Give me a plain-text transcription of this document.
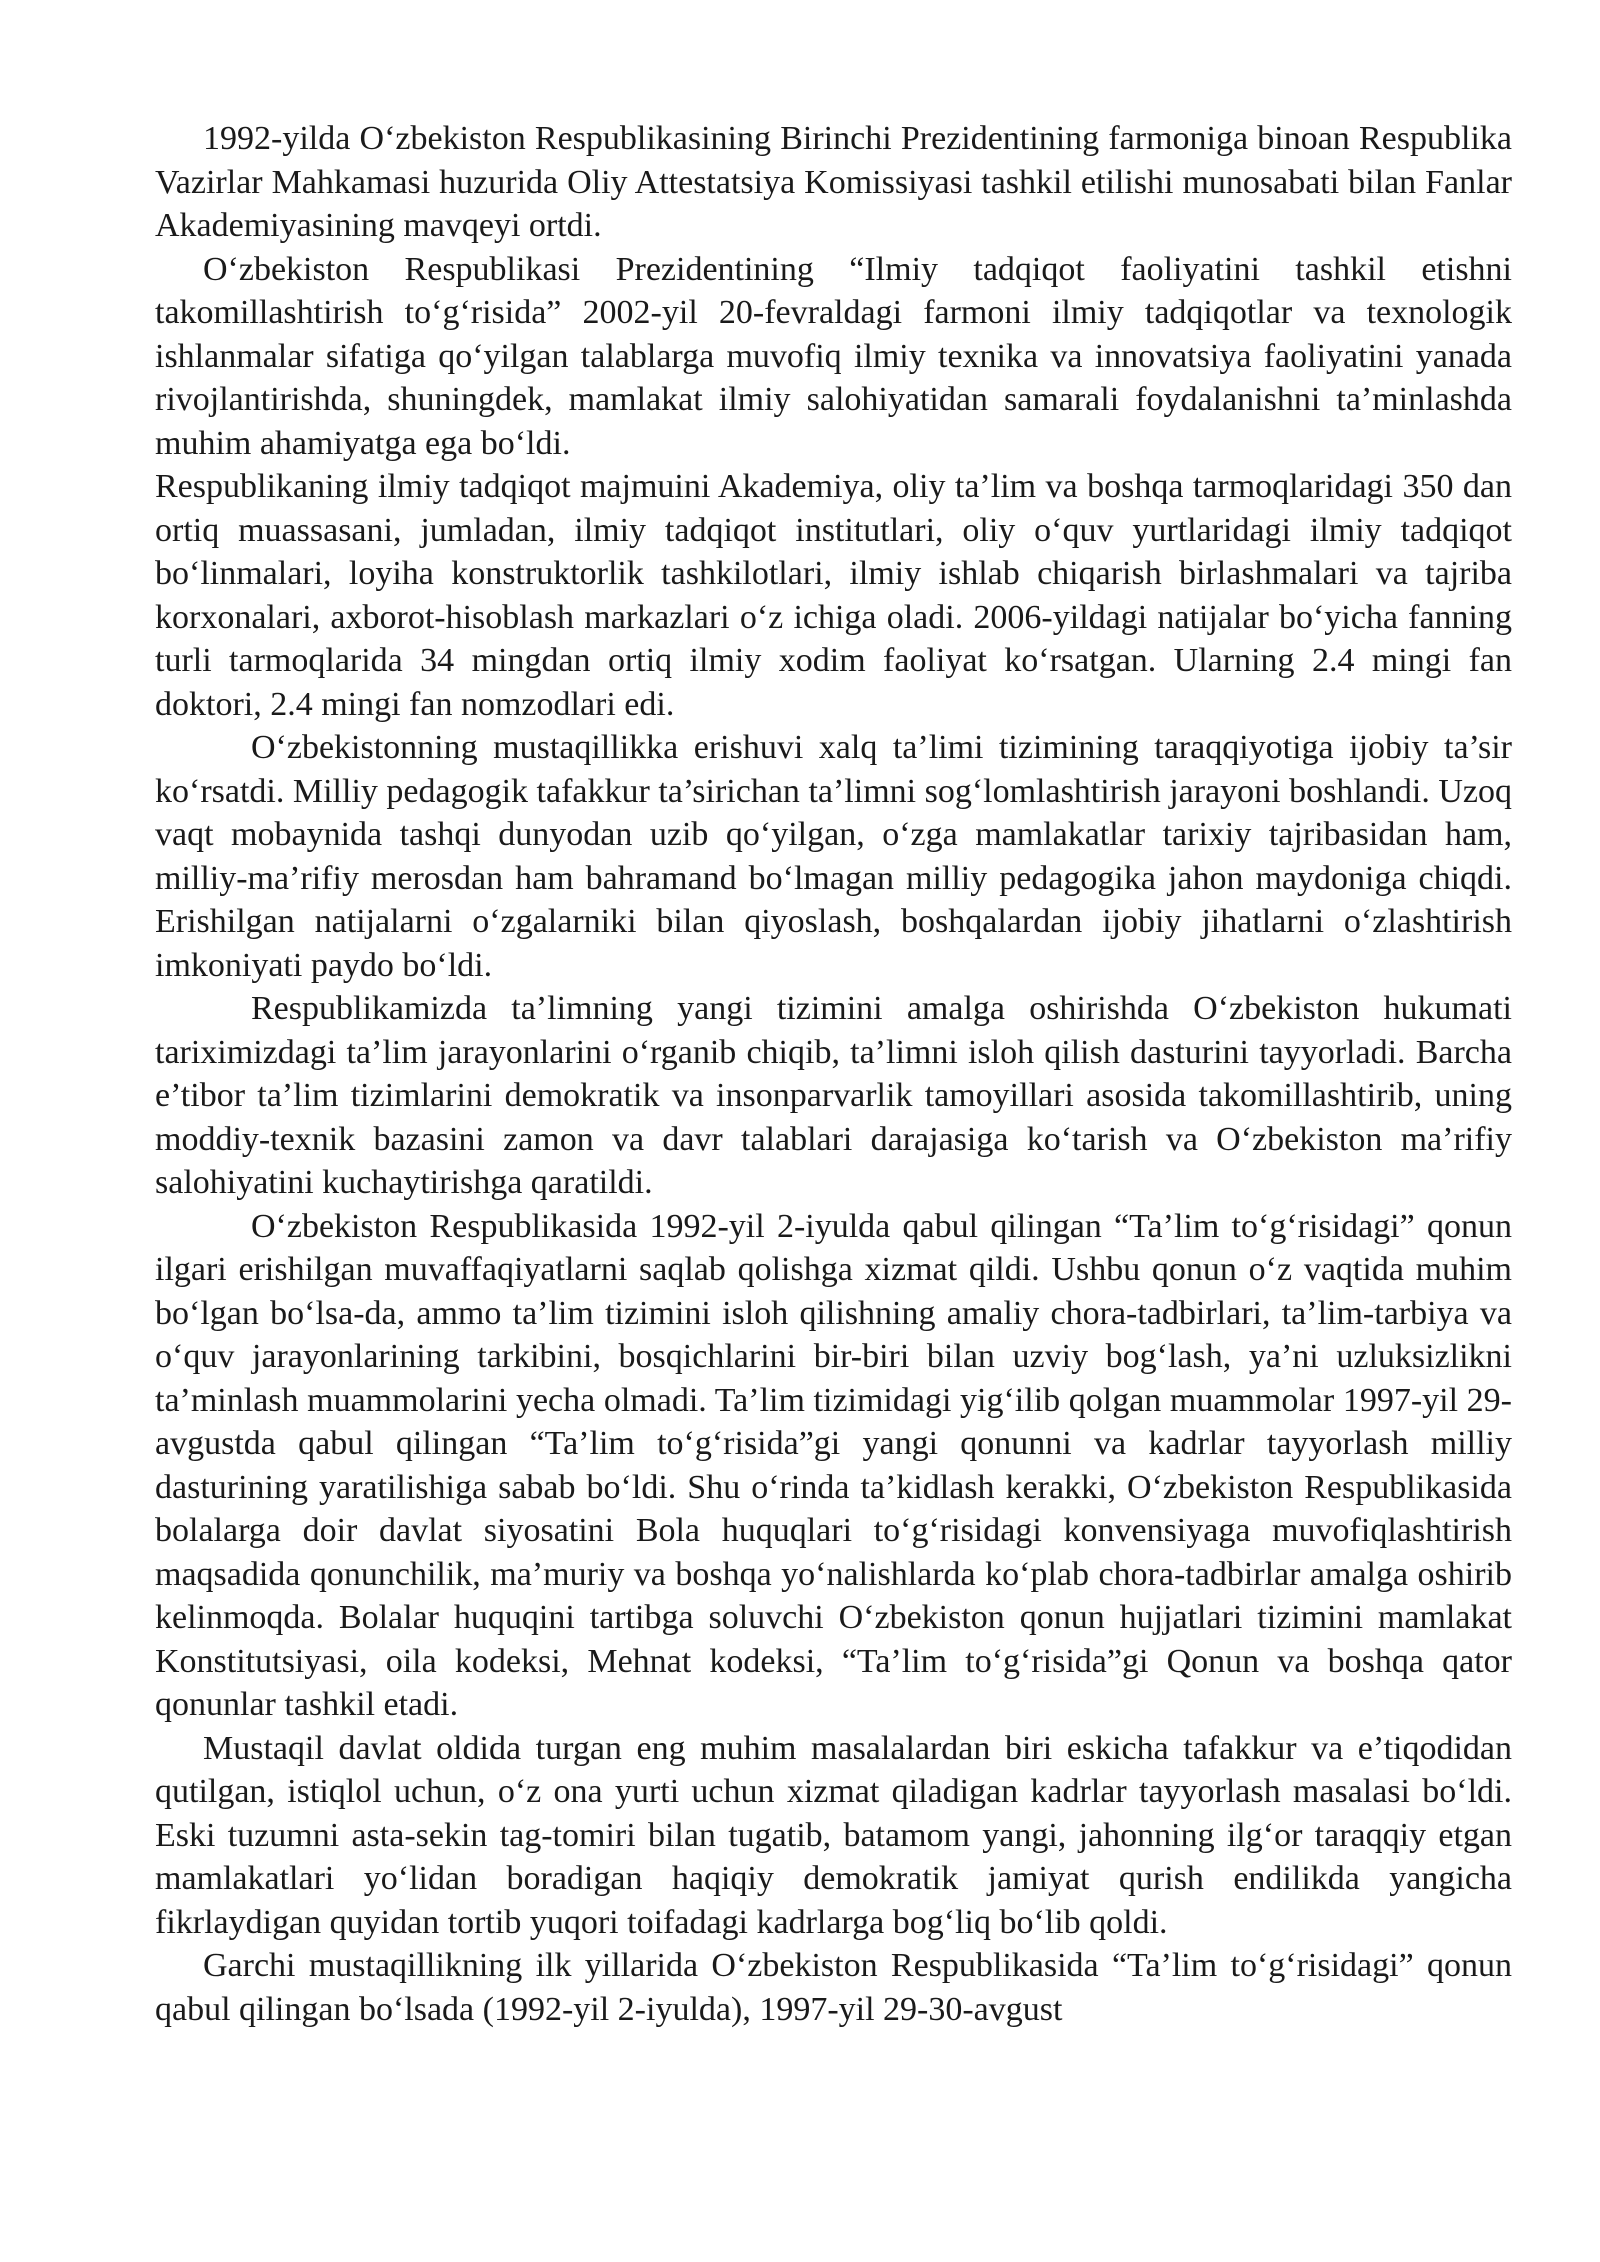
1992-yilda O‘zbekiston Respublikasining Birinchi Prezidentining farmoniga binoan Respublika Vazirlar Mahkamasi huzurida Oliy Attestatsiya Komissiyasi tashkil etilishi munosabati bilan Fanlar Akademiyasining mavqeyi ortdi.

O‘zbekiston Respublikasi Prezidentining “Ilmiy tadqiqot faoliyatini tashkil etishni takomillashtirish to‘g‘risida” 2002-yil 20-fevraldagi farmoni ilmiy tadqiqotlar va texnologik ishlanmalar sifatiga qo‘yilgan talablarga muvofiq ilmiy texnika va innovatsiya faoliyatini yanada rivojlantirishda, shuningdek, mamlakat ilmiy salohiyatidan samarali foydalanishni ta’minlashda muhim ahamiyatga ega bo‘ldi.

Respublikaning ilmiy tadqiqot majmuini Akademiya, oliy ta’lim va boshqa tarmoqlaridagi 350 dan ortiq muassasani, jumladan, ilmiy tadqiqot institutlari, oliy o‘quv yurtlaridagi ilmiy tadqiqot bo‘linmalari, loyiha konstruktorlik tashkilotlari, ilmiy ishlab chiqarish birlashmalari va tajriba korxonalari, axborot-hisoblash markazlari o‘z ichiga oladi. 2006-yildagi natijalar bo‘yicha fanning turli tarmoqlarida 34 mingdan ortiq ilmiy xodim faoliyat ko‘rsatgan. Ularning 2.4 mingi fan doktori, 2.4 mingi fan nomzodlari edi.

O‘zbekistonning mustaqillikka erishuvi xalq ta’limi tizimining taraqqiyotiga ijobiy ta’sir ko‘rsatdi. Milliy pedagogik tafakkur ta’sirichan ta’limni sog‘lomlashtirish jarayoni boshlandi. Uzoq vaqt mobaynida tashqi dunyodan uzib qo‘yilgan, o‘zga mamlakatlar tarixiy tajribasidan ham, milliy-ma’rifiy merosdan ham bahramand bo‘lmagan milliy pedagogika jahon maydoniga chiqdi. Erishilgan natijalarni o‘zgalarniki bilan qiyoslash, boshqalardan ijobiy jihatlarni o‘zlashtirish imkoniyati paydo bo‘ldi.

Respublikamizda ta’limning yangi tizimini amalga oshirishda O‘zbekiston hukumati tariximizdagi ta’lim jarayonlarini o‘rganib chiqib, ta’limni isloh qilish dasturini tayyorladi. Barcha e’tibor ta’lim tizimlarini demokratik va insonparvarlik tamoyillari asosida takomillashtirib, uning moddiy-texnik bazasini zamon va davr talablari darajasiga ko‘tarish va O‘zbekiston ma’rifiy salohiyatini kuchaytirishga qaratildi.

O‘zbekiston Respublikasida 1992-yil 2-iyulda qabul qilingan “Ta’lim to‘g‘risidagi” qonun ilgari erishilgan muvaffaqiyatlarni saqlab qolishga xizmat qildi. Ushbu qonun o‘z vaqtida muhim bo‘lgan bo‘lsa-da, ammo ta’lim tizimini isloh qilishning amaliy chora-tadbirlari, ta’lim-tarbiya va o‘quv jarayonlarining tarkibini, bosqichlarini bir-biri bilan uzviy bog‘lash, ya’ni uzluksizlikni ta’minlash muammolarini yecha olmadi. Ta’lim tizimidagi yig‘ilib qolgan muammolar 1997-yil 29-avgustda qabul qilingan “Ta’lim to‘g‘risida”gi yangi qonunni va kadrlar tayyorlash milliy dasturining yaratilishiga sabab bo‘ldi. Shu o‘rinda ta’kidlash kerakki, O‘zbekiston Respublikasida bolalarga doir davlat siyosatini Bola huquqlari to‘g‘risidagi konvensiyaga muvofiqlashtirish maqsadida qonunchilik, ma’muriy va boshqa yo‘nalishlarda ko‘plab chora-tadbirlar amalga oshirib kelinmoqda. Bolalar huquqini tartibga soluvchi O‘zbekiston qonun hujjatlari tizimini mamlakat Konstitutsiyasi, oila kodeksi, Mehnat kodeksi, “Ta’lim to‘g‘risida”gi Qonun va boshqa qator qonunlar tashkil etadi.

Mustaqil davlat oldida turgan eng muhim masalalardan biri eskicha tafakkur va e’tiqodidan qutilgan, istiqlol uchun, o‘z ona yurti uchun xizmat qiladigan kadrlar tayyorlash masalasi bo‘ldi. Eski tuzumni asta-sekin tag-tomiri bilan tugatib, batamom yangi, jahonning ilg‘or taraqqiy etgan mamlakatlari yo‘lidan boradigan haqiqiy demokratik jamiyat qurish endilikda yangicha fikrlaydigan quyidan tortib yuqori toifadagi kadrlarga bog‘liq bo‘lib qoldi.

Garchi mustaqillikning ilk yillarida O‘zbekiston Respublikasida “Ta’lim to‘g‘risidagi” qonun qabul qilingan bo‘lsada (1992-yil 2-iyulda), 1997-yil 29-30-avgust
